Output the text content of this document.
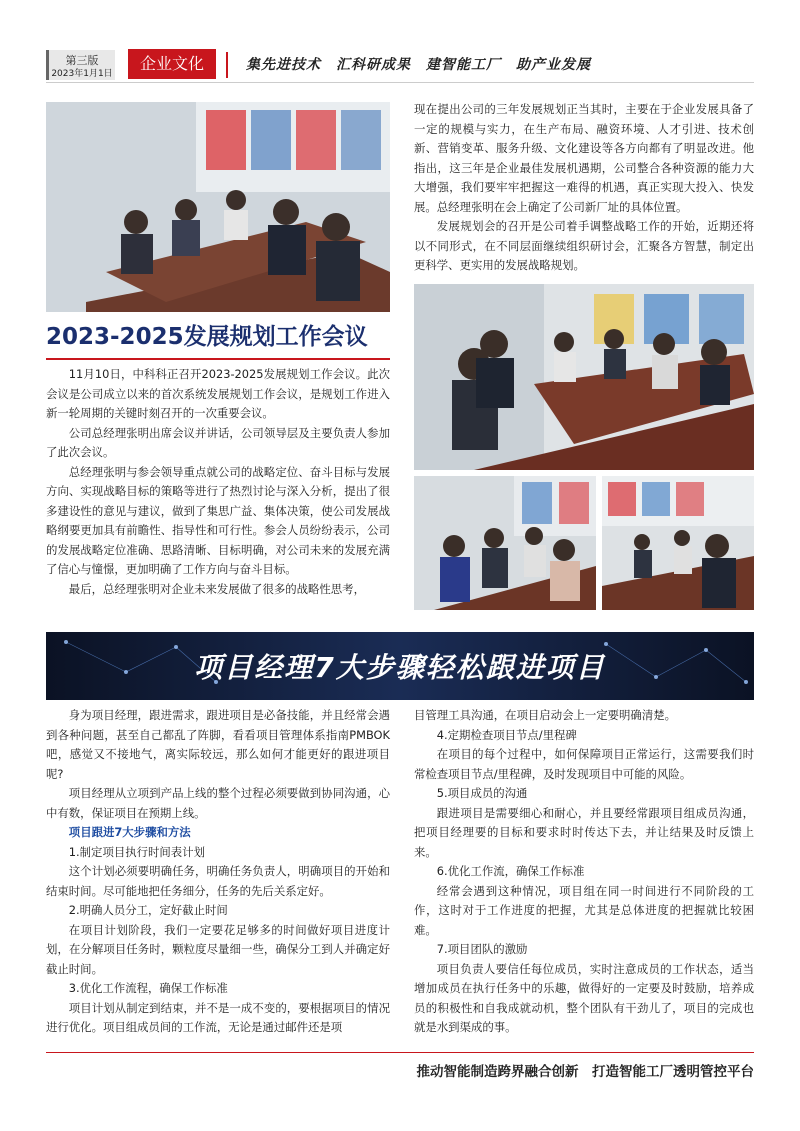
第三版
2023年1月1日
企业文化	集先进技术　汇科研成果　建智能工厂　助产业发展
2023-2025发展规划工作会议

11月10日，中科科正召开2023-2025发展规划工作会议。此次会议是公司成立以来的首次系统发展规划工作会议，是规划工作进入新一轮周期的关键时刻召开的一次重要会议。

公司总经理张明出席会议并讲话，公司领导层及主要负责人参加了此次会议。

总经理张明与参会领导重点就公司的战略定位、奋斗目标与发展方向、实现战略目标的策略等进行了热烈讨论与深入分析，提出了很多建设性的意见与建议，做到了集思广益、集体决策，使公司发展战略纲要更加具有前瞻性、指导性和可行性。参会人员纷纷表示，公司的发展战略定位准确、思路清晰、目标明确，对公司未来的发展充满了信心与憧憬，更加明确了工作方向与奋斗目标。

最后，总经理张明对企业未来发展做了很多的战略性思考，

现在提出公司的三年发展规划正当其时，主要在于企业发展具备了一定的规模与实力，在生产布局、融资环境、人才引进、技术创新、营销变革、服务升级、文化建设等各方向都有了明显改进。他指出，这三年是企业最佳发展机遇期，公司整合各种资源的能力大大增强，我们要牢牢把握这一难得的机遇，真正实现大投入、快发展。总经理张明在会上确定了公司新厂址的具体位置。

发展规划会的召开是公司着手调整战略工作的开始，近期还将以不同形式，在不同层面继续组织研讨会，汇聚各方智慧，制定出更科学、更实用的发展战略规划。

项目经理7大步骤轻松跟进项目

身为项目经理，跟进需求，跟进项目是必备技能，并且经常会遇到各种问题，甚至自己都乱了阵脚，看看项目管理体系指南PMBOK吧，感觉又不接地气，离实际较远，那么如何才能更好的跟进项目呢?

项目经理从立项到产品上线的整个过程必须要做到协同沟通，心中有数，保证项目在预期上线。

项目跟进7大步骤和方法

1.制定项目执行时间表计划

这个计划必须要明确任务，明确任务负责人，明确项目的开始和结束时间。尽可能地把任务细分，任务的先后关系定好。

2.明确人员分工，定好截止时间

在项目计划阶段，我们一定要花足够多的时间做好项目进度计划，在分解项目任务时，颗粒度尽量细一些，确保分工到人并确定好截止时间。

3.优化工作流程，确保工作标准

项目计划从制定到结束，并不是一成不变的，要根据项目的情况进行优化。项目组成员间的工作流，无论是通过邮件还是项

目管理工具沟通，在项目启动会上一定要明确清楚。

4.定期检查项目节点/里程碑

在项目的每个过程中，如何保障项目正常运行，这需要我们时常检查项目节点/里程碑，及时发现项目中可能的风险。

5.项目成员的沟通

跟进项目是需要细心和耐心，并且要经常跟项目组成员沟通，把项目经理要的目标和要求时时传达下去，并让结果及时反馈上来。

6.优化工作流，确保工作标准

经常会遇到这种情况，项目组在同一时间进行不同阶段的工作，这时对于工作进度的把握，尤其是总体进度的把握就比较困难。

7.项目团队的激励

项目负责人要信任每位成员，实时注意成员的工作状态，适当增加成员在执行任务中的乐趣，做得好的一定要及时鼓励，培养成员的积极性和自我成就动机，整个团队有干劲儿了，项目的完成也就是水到渠成的事。

推动智能制造跨界融合创新　打造智能工厂透明管控平台
